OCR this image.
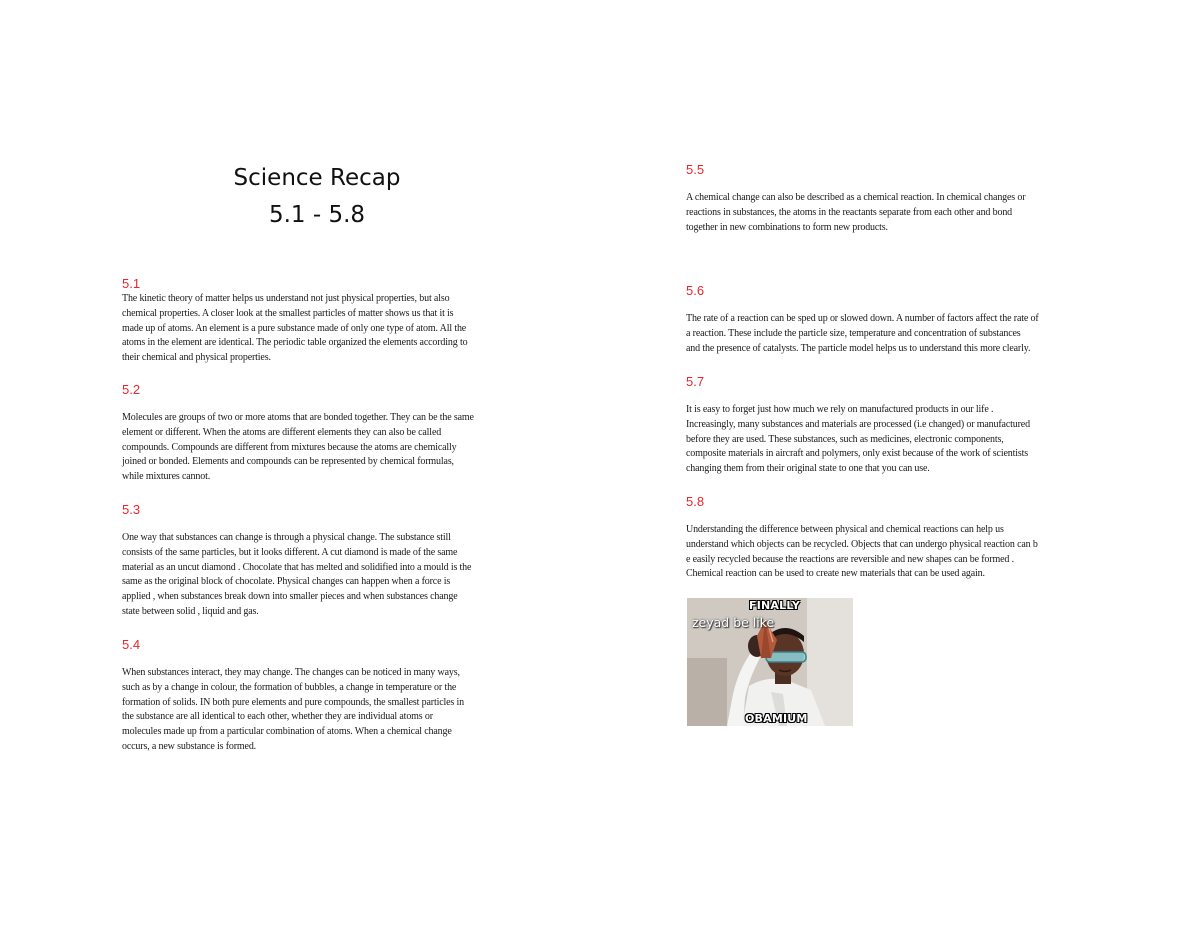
Science Recap
5.1 - 5.8

5.1

The kinetic theory of matter helps us understand not just physical properties, but also
chemical properties. A closer look at the smallest particles of matter shows us that it is
made up of atoms. An element is a pure substance made of only one type of atom. All the
atoms in the element are identical. The periodic table organized the elements according to
their chemical and physical properties.

5.2

Molecules are groups of two or more atoms that are bonded together. They can be the same
element or different. When the atoms are different elements they can also be called
compounds. Compounds are different from mixtures because the atoms are chemically
joined or bonded. Elements and compounds can be represented by chemical formulas,
while mixtures cannot.

5.3

One way that substances can change is through a physical change. The substance still
consists of the same particles, but it looks different. A cut diamond is made of the same
material as an uncut diamond . Chocolate that has melted and solidified into a mould is the
same as the original block of chocolate. Physical changes can happen when a force is
applied , when substances break down into smaller pieces and when substances change
state between solid , liquid and gas.

5.4

When substances interact, they may change. The changes can be noticed in many ways,
such as by a change in colour, the formation of bubbles, a change in temperature or the
formation of solids. IN both pure elements and pure compounds, the smallest particles in
the substance are all identical to each other, whether they are individual atoms or
molecules made up from a particular combination of atoms. When a chemical change
occurs, a new substance is formed.

5.5

A chemical change can also be described as a chemical reaction. In chemical changes or
reactions in substances, the atoms in the reactants separate from each other and bond
together in new combinations to form new products.

5.6

The rate of a reaction can be sped up or slowed down. A number of factors affect the rate of
a reaction. These include the particle size, temperature and concentration of substances
and the presence of catalysts. The particle model helps us to understand this more clearly.

5.7

It is easy to forget just how much we rely on manufactured products in our life .
Increasingly, many substances and materials are processed (i.e changed) or manufactured
before they are used. These substances, such as medicines, electronic components,
composite materials in aircraft and polymers, only exist because of the work of scientists
changing them from their original state to one that you can use.

5.8

Understanding the difference between physical and chemical reactions can help us
understand which objects can be recycled. Objects that can undergo physical reaction can b
e easily recycled because the reactions are reversible and new shapes can be formed .
Chemical reaction can be used to create new materials that can be used again.

FINALLY
zeyad be like
OBAMIUM
